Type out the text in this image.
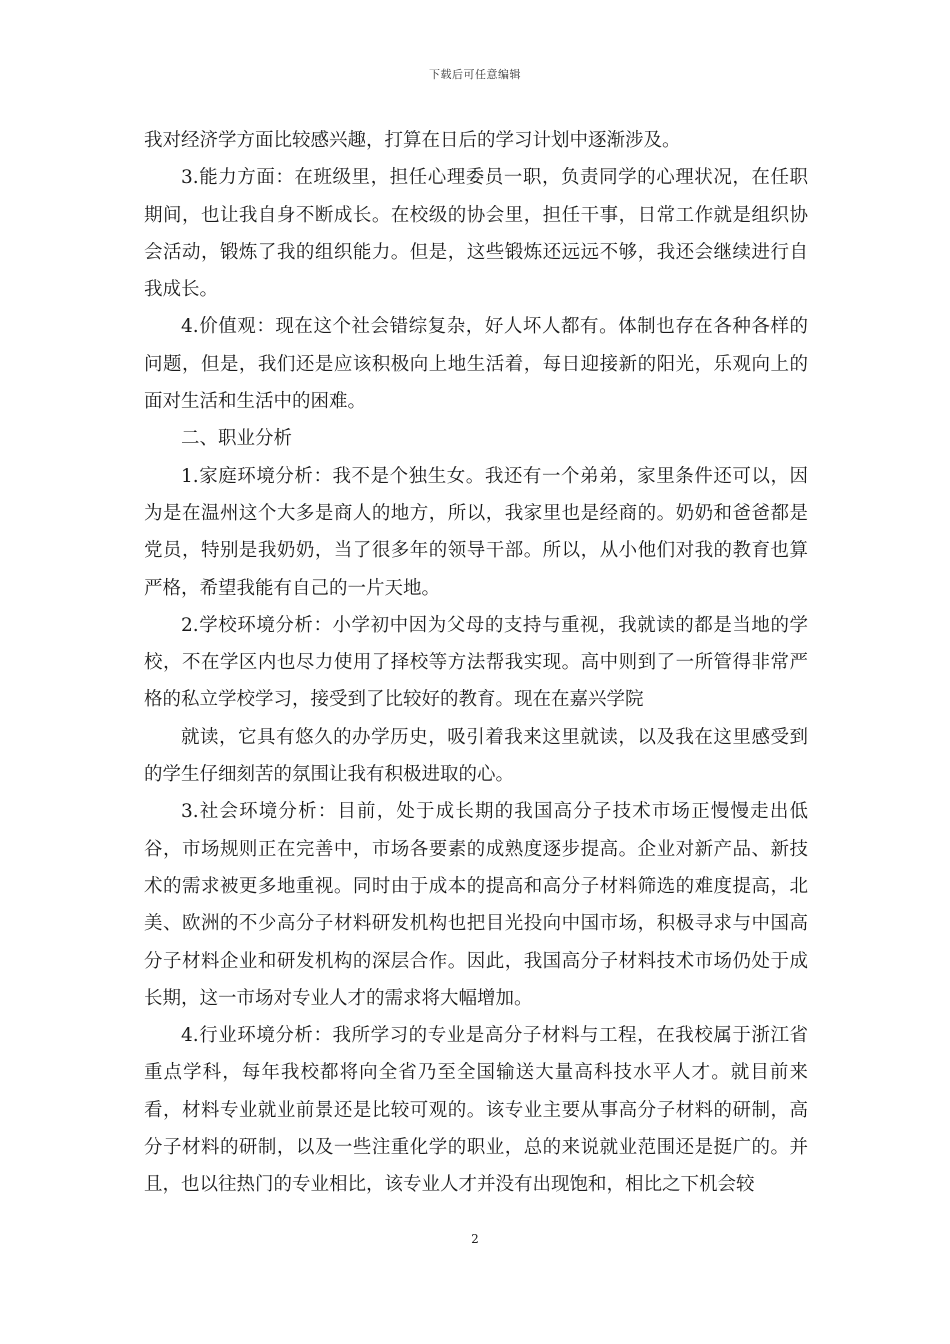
下载后可任意编辑

我对经济学方面比较感兴趣，打算在日后的学习计划中逐渐涉及。

3.能力方面：在班级里，担任心理委员一职，负责同学的心理状况，在任职期间，也让我自身不断成长。在校级的协会里，担任干事，日常工作就是组织协会活动，锻炼了我的组织能力。但是，这些锻炼还远远不够，我还会继续进行自我成长。

4.价值观：现在这个社会错综复杂，好人坏人都有。体制也存在各种各样的问题，但是，我们还是应该积极向上地生活着，每日迎接新的阳光，乐观向上的面对生活和生活中的困难。

二、职业分析

1.家庭环境分析：我不是个独生女。我还有一个弟弟，家里条件还可以，因为是在温州这个大多是商人的地方，所以，我家里也是经商的。奶奶和爸爸都是党员，特别是我奶奶，当了很多年的领导干部。所以，从小他们对我的教育也算严格，希望我能有自己的一片天地。

2.学校环境分析：小学初中因为父母的支持与重视，我就读的都是当地的学校，不在学区内也尽力使用了择校等方法帮我实现。高中则到了一所管得非常严格的私立学校学习，接受到了比较好的教育。现在在嘉兴学院

就读，它具有悠久的办学历史，吸引着我来这里就读，以及我在这里感受到的学生仔细刻苦的氛围让我有积极进取的心。

3.社会环境分析：目前，处于成长期的我国高分子技术市场正慢慢走出低谷，市场规则正在完善中，市场各要素的成熟度逐步提高。企业对新产品、新技术的需求被更多地重视。同时由于成本的提高和高分子材料筛选的难度提高，北美、欧洲的不少高分子材料研发机构也把目光投向中国市场，积极寻求与中国高分子材料企业和研发机构的深层合作。因此，我国高分子材料技术市场仍处于成长期，这一市场对专业人才的需求将大幅增加。

4.行业环境分析：我所学习的专业是高分子材料与工程，在我校属于浙江省重点学科，每年我校都将向全省乃至全国输送大量高科技水平人才。就目前来看，材料专业就业前景还是比较可观的。该专业主要从事高分子材料的研制，高分子材料的研制，以及一些注重化学的职业，总的来说就业范围还是挺广的。并且，也以往热门的专业相比，该专业人才并没有出现饱和，相比之下机会较

2
